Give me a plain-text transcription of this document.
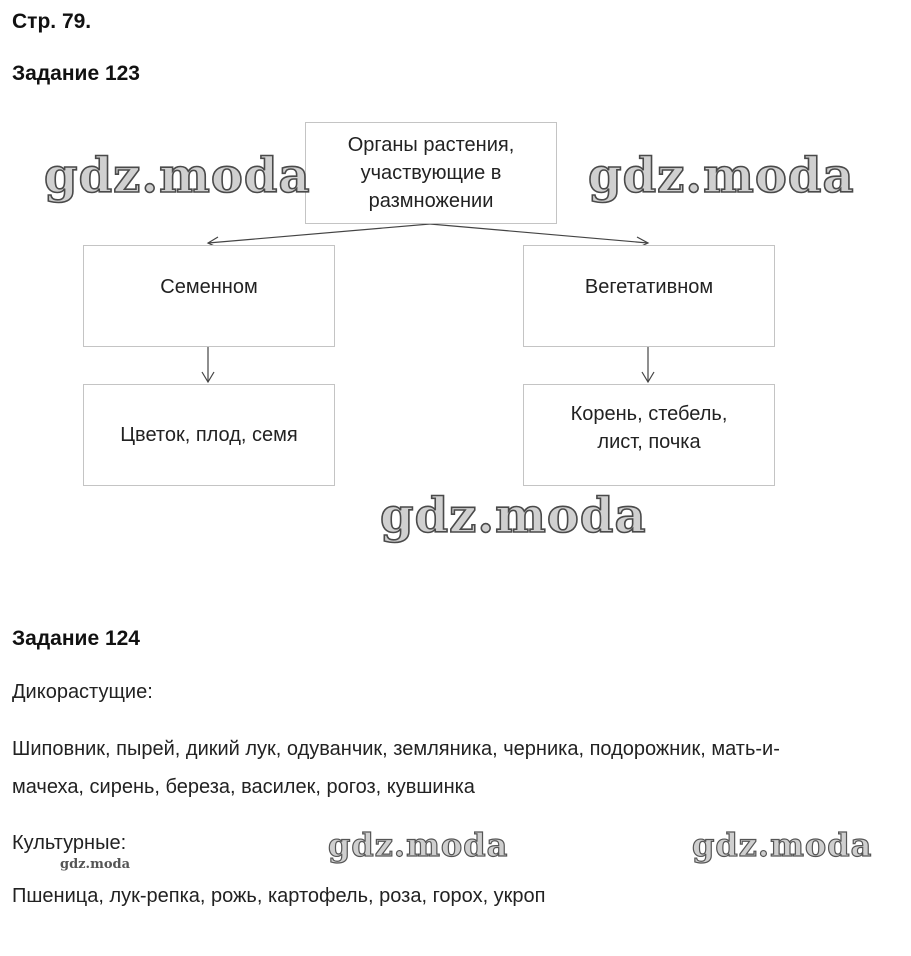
Стр. 79.
Задание 123
Органы растения,
участвующие в
размножении
Семенном	Вегетативном
Цветок, плод, семя
Корень, стебель,
лист, почка
gdz.moda	gdz.moda
gdz.moda
gdz.moda	gdz.moda
gdz.moda
Задание 124
Дикорастущие:
Шиповник, пырей, дикий лук, одуванчик, земляника, черника, подорожник, мать-и-
мачеха, сирень, береза, василек, рогоз, кувшинка
Культурные:
Пшеница, лук-репка, рожь, картофель, роза, горох, укроп
